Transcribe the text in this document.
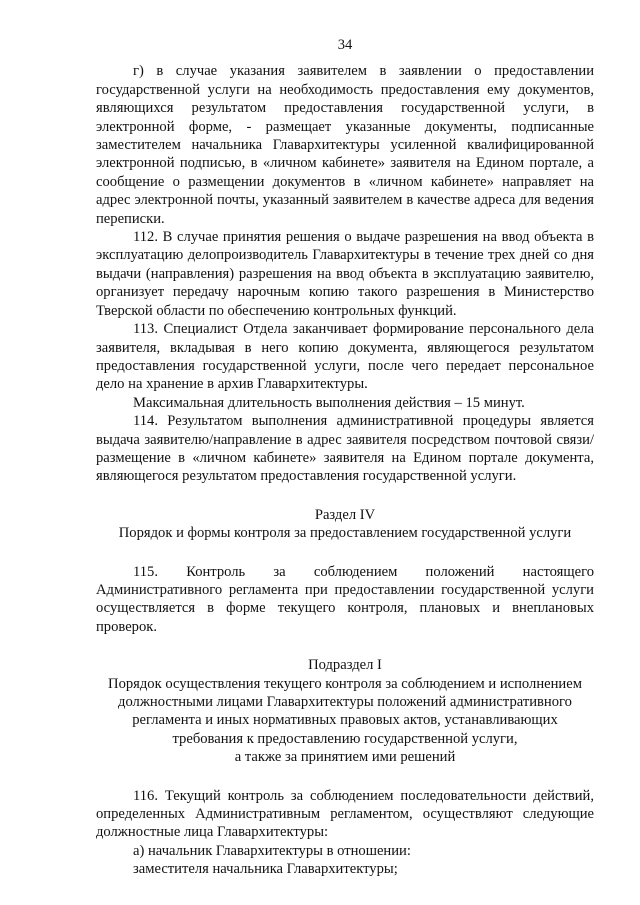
34

г) в случае указания заявителем в заявлении о предоставлении государственной услуги на необходимость предоставления ему документов, являющихся результатом предоставления государственной услуги, в электронной форме, - размещает указанные документы, подписанные заместителем начальника Главархитектуры усиленной квалифицированной электронной подписью, в «личном кабинете» заявителя на Едином портале, а сообщение о размещении документов в «личном кабинете» направляет на адрес электронной почты, указанный заявителем в качестве адреса для ведения переписки.

112. В случае принятия решения о выдаче разрешения на ввод объекта в эксплуатацию делопроизводитель Главархитектуры в течение трех дней со дня выдачи (направления) разрешения на ввод объекта в эксплуатацию заявителю, организует передачу нарочным копию такого разрешения в Министерство Тверской области по обеспечению контрольных функций.

113. Специалист Отдела заканчивает формирование персонального дела заявителя, вкладывая в него копию документа, являющегося результатом предоставления государственной услуги, после чего передает персональное дело на хранение в архив Главархитектуры.

Максимальная длительность выполнения действия – 15 минут.

114. Результатом выполнения административной процедуры является выдача заявителю/направление в адрес заявителя посредством почтовой связи/размещение в «личном кабинете» заявителя на Едином портале документа, являющегося результатом предоставления государственной услуги.

Раздел IV

Порядок и формы контроля за предоставлением государственной услуги

115. Контроль за соблюдением положений настоящего Административного регламента при предоставлении государственной услуги осуществляется в форме текущего контроля, плановых и внеплановых проверок.

Подраздел I

Порядок осуществления текущего контроля за соблюдением и исполнением

должностными лицами Главархитектуры положений административного

регламента и иных нормативных правовых актов, устанавливающих

требования к предоставлению государственной услуги,

а также за принятием ими решений

116. Текущий контроль за соблюдением последовательности действий, определенных Административным регламентом, осуществляют следующие должностные лица Главархитектуры:

а) начальник Главархитектуры в отношении:

заместителя начальника Главархитектуры;
